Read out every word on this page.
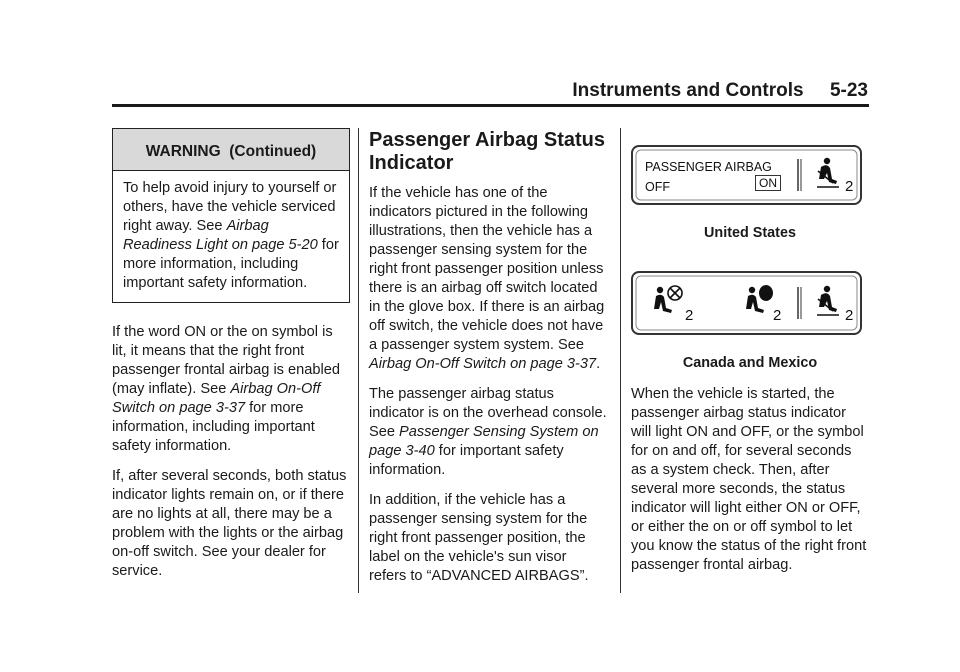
Instruments and Controls     5-23
WARNING  (Continued)
To help avoid injury to yourself or others, have the vehicle serviced right away. See Airbag Readiness Light on page 5-20 for more information, including important safety information.

If the word ON or the on symbol is lit, it means that the right front passenger frontal airbag is enabled (may inflate). See Airbag On-Off Switch on page 3-37 for more information, including important safety information.

If, after several seconds, both status indicator lights remain on, or if there are no lights at all, there may be a problem with the lights or the airbag on-off switch. See your dealer for service.

Passenger Airbag Status Indicator

If the vehicle has one of the indicators pictured in the following illustrations, then the vehicle has a passenger sensing system for the right front passenger position unless there is an airbag off switch located in the glove box. If there is an airbag off switch, the vehicle does not have a passenger system system. See Airbag On-Off Switch on page 3-37.

The passenger airbag status indicator is on the overhead console. See Passenger Sensing System on page 3-40 for important safety information.

In addition, if the vehicle has a passenger sensing system for the right front passenger position, the label on the vehicle's sun visor refers to “ADVANCED AIRBAGS”.

PASSENGER AIRBAG
OFF	ON	2
United States
2	2	2
Canada and Mexico

When the vehicle is started, the passenger airbag status indicator will light ON and OFF, or the symbol for on and off, for several seconds as a system check. Then, after several more seconds, the status indicator will light either ON or OFF, or either the on or off symbol to let you know the status of the right front passenger frontal airbag.
